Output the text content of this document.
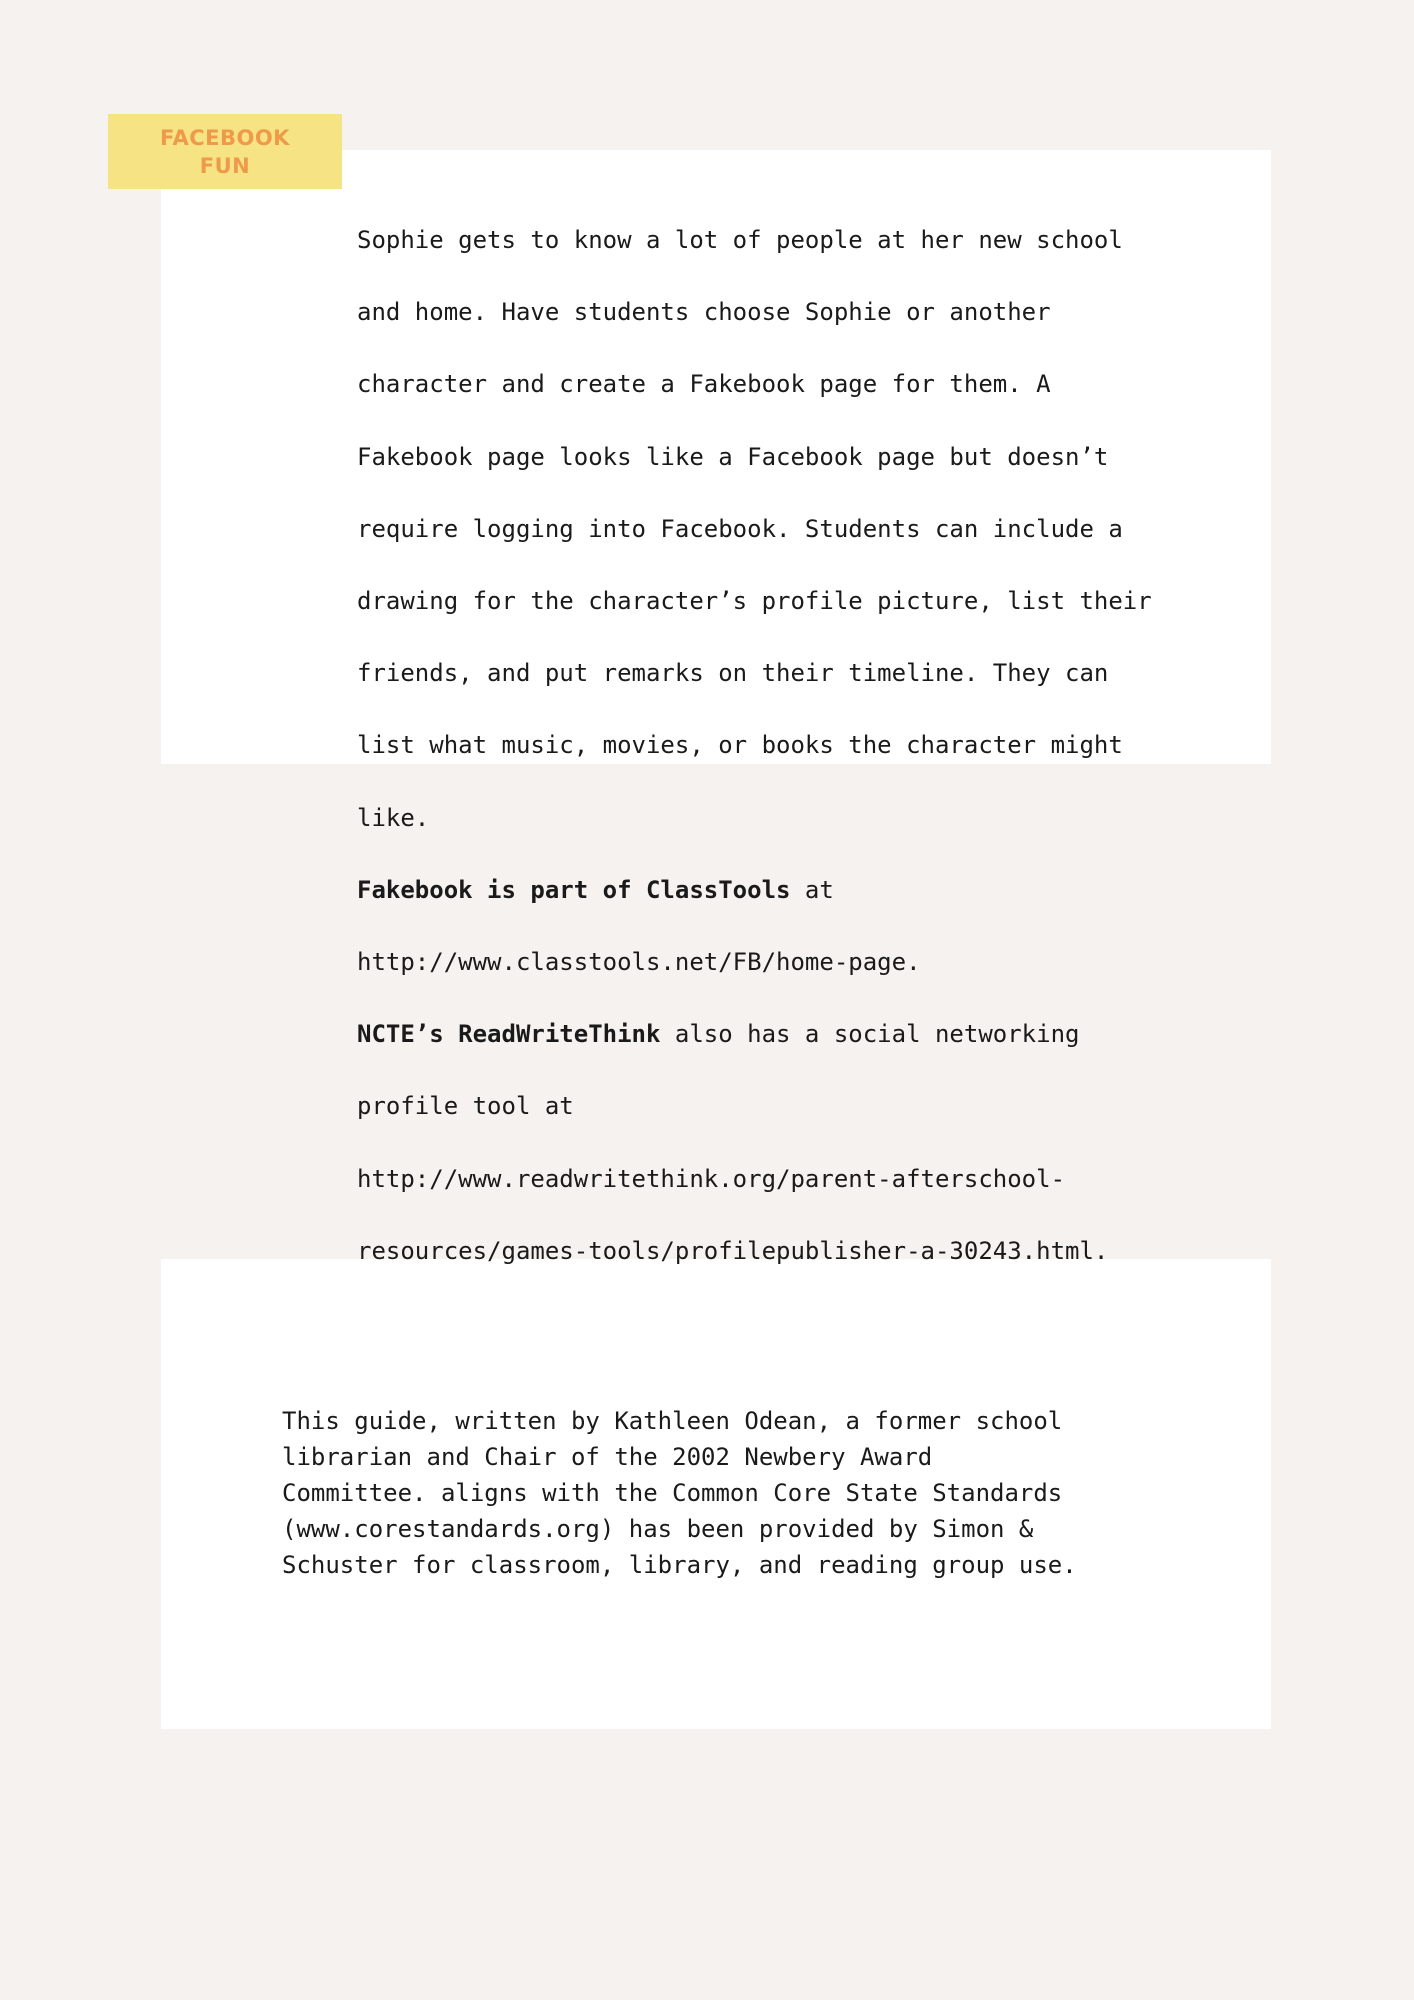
FACEBOOK
FUN

Sophie gets to know a lot of people at her new school

and home. Have students choose Sophie or another

character and create a Fakebook page for them. A

Fakebook page looks like a Facebook page but doesn’t

require logging into Facebook. Students can include a

drawing for the character’s profile picture, list their

friends, and put remarks on their timeline. They can

list what music, movies, or books the character might

like.

Fakebook is part of ClassTools at

http://www.classtools.net/FB/home-page.

NCTE’s ReadWriteThink also has a social networking

profile tool at

http://www.readwritethink.org/parent-afterschool-

resources/games-tools/profilepublisher-a-30243.html.

This guide, written by Kathleen Odean, a former school
librarian and Chair of the 2002 Newbery Award
Committee. aligns with the Common Core State Standards
(www.corestandards.org) has been provided by Simon &
Schuster for classroom, library, and reading group use.
